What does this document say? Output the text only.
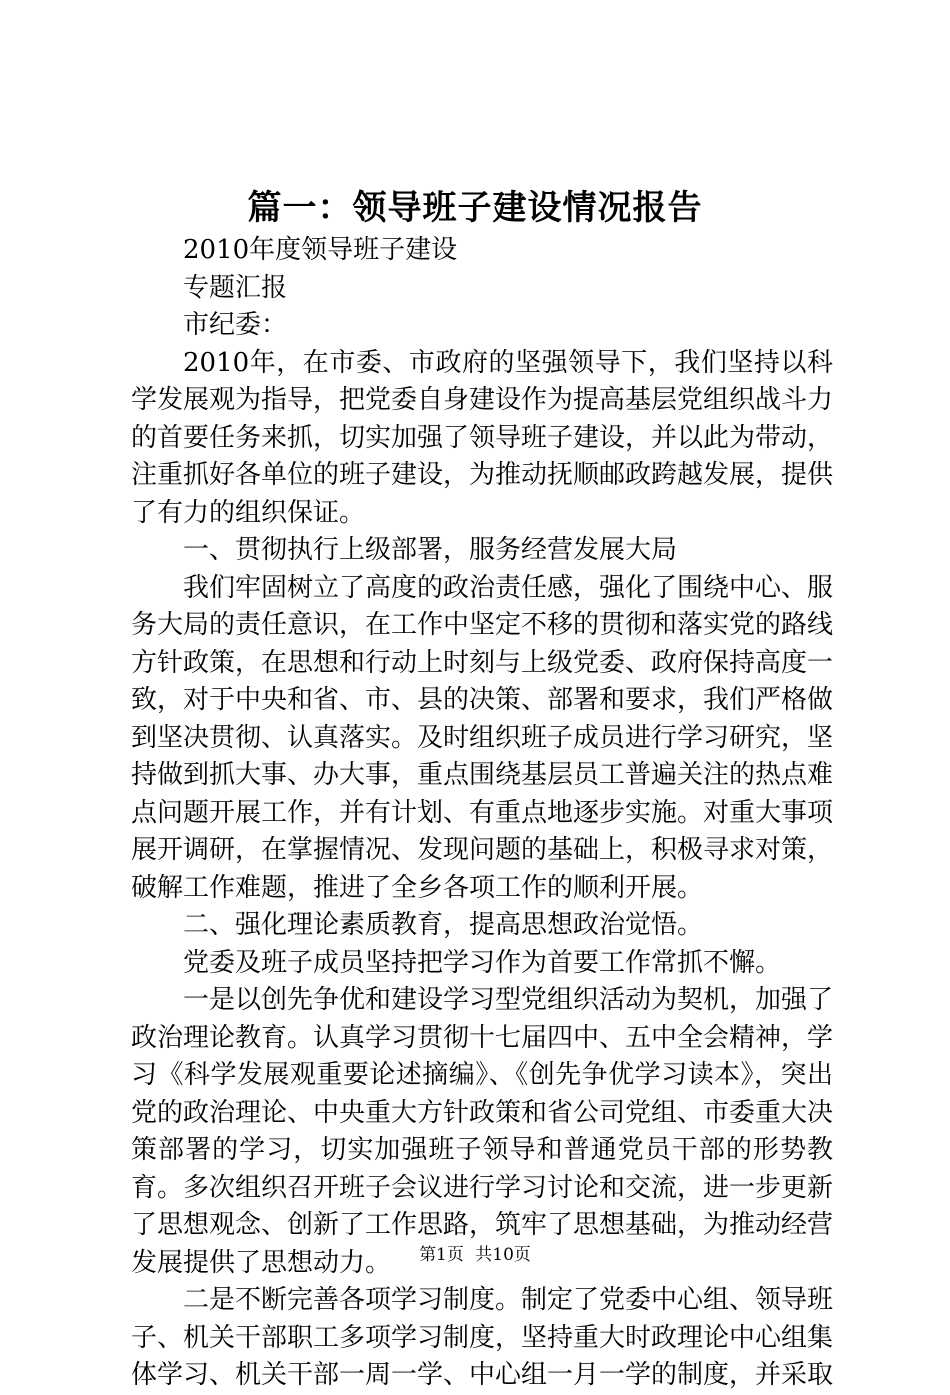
篇一：领导班子建设情况报告

2010年度领导班子建设

专题汇报

市纪委：

2010年，在市委、市政府的坚强领导下，我们坚持以科学发展观为指导，把党委自身建设作为提高基层党组织战斗力的首要任务来抓，切实加强了领导班子建设，并以此为带动，注重抓好各单位的班子建设，为推动抚顺邮政跨越发展，提供了有力的组织保证。

一、贯彻执行上级部署，服务经营发展大局

我们牢固树立了高度的政治责任感，强化了围绕中心、服务大局的责任意识，在工作中坚定不移的贯彻和落实党的路线方针政策，在思想和行动上时刻与上级党委、政府保持高度一致，对于中央和省、市、县的决策、部署和要求，我们严格做到坚决贯彻、认真落实。及时组织班子成员进行学习研究，坚持做到抓大事、办大事，重点围绕基层员工普遍关注的热点难点问题开展工作，并有计划、有重点地逐步实施。对重大事项展开调研，在掌握情况、发现问题的基础上，积极寻求对策，破解工作难题，推进了全乡各项工作的顺利开展。

二、强化理论素质教育，提高思想政治觉悟。

党委及班子成员坚持把学习作为首要工作常抓不懈。

一是以创先争优和建设学习型党组织活动为契机，加强了政治理论教育。认真学习贯彻十七届四中、五中全会精神，学习《科学发展观重要论述摘编》、《创先争优学习读本》，突出党的政治理论、中央重大方针政策和省公司党组、市委重大决策部署的学习，切实加强班子领导和普通党员干部的形势教育。多次组织召开班子会议进行学习讨论和交流，进一步更新了思想观念、创新了工作思路，筑牢了思想基础，为推动经营发展提供了思想动力。

二是不断完善各项学习制度。制定了党委中心组、领导班子、机关干部职工多项学习制度，坚持重大时政理论中心组集体学习、机关干部一周一学、中心组一月一学的制度，并采取

第1页 共10页
